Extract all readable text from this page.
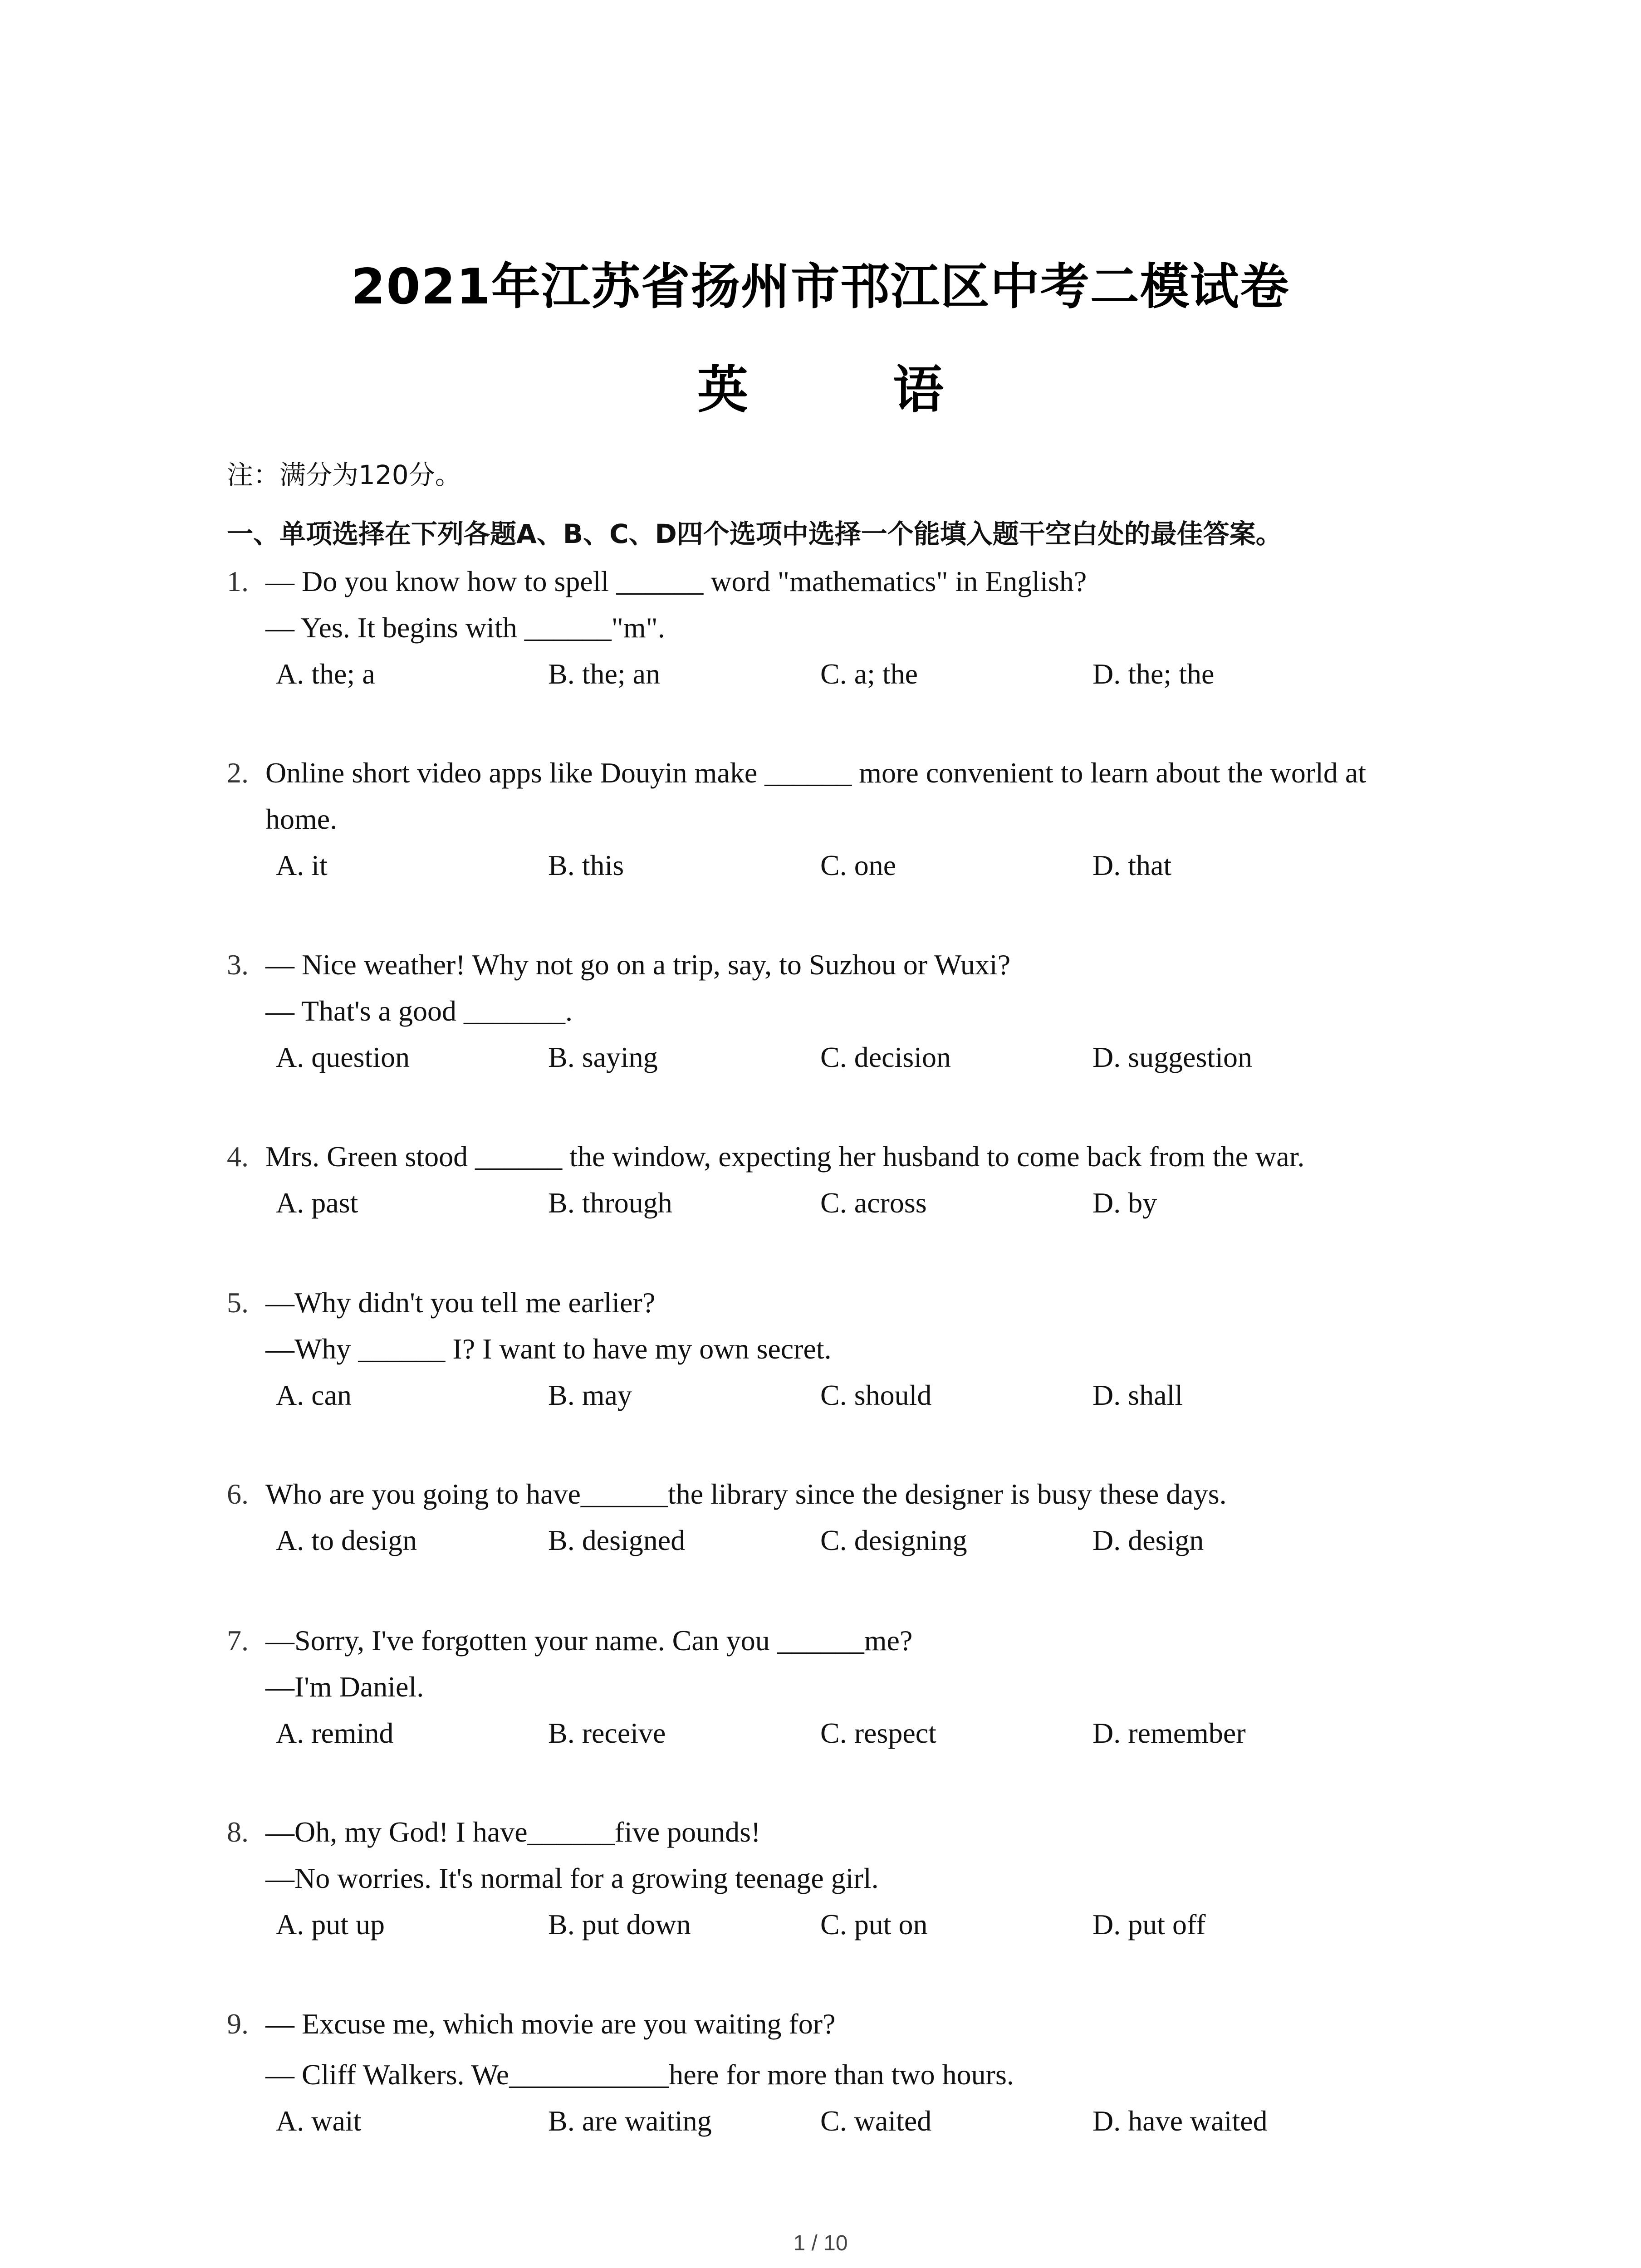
2021年江苏省扬州市邗江区中考二模试卷
英 语
注：满分为120分。
一、单项选择在下列各题A、B、C、D四个选项中选择一个能填入题干空白处的最佳答案。
1. — Do you know how to spell ______ word "mathematics" in English?
— Yes. It begins with ______"m".
A. the; a	B. the; an	C. a; the	D. the; the
2. Online short video apps like Douyin make ______ more convenient to learn about the world at
home.
A. it	B. this	C. one	D. that
3. — Nice weather! Why not go on a trip, say, to Suzhou or Wuxi?
— That's a good _______.
A. question	B. saying	C. decision	D. suggestion
4. Mrs. Green stood ______ the window, expecting her husband to come back from the war.
A. past	B. through	C. across	D. by
5. —Why didn't you tell me earlier?
—Why ______ I? I want to have my own secret.
A. can	B. may	C. should	D. shall
6. Who are you going to have______the library since the designer is busy these days.
A. to design	B. designed	C. designing	D. design
7. —Sorry, I've forgotten your name. Can you ______me?
—I'm Daniel.
A. remind	B. receive	C. respect	D. remember
8. —Oh, my God! I have______five pounds!
—No worries. It's normal for a growing teenage girl.
A. put up	B. put down	C. put on	D. put off
9. — Excuse me, which movie are you waiting for?
— Cliff Walkers. We___________here for more than two hours.
A. wait	B. are waiting	C. waited	D. have waited
1 / 10
